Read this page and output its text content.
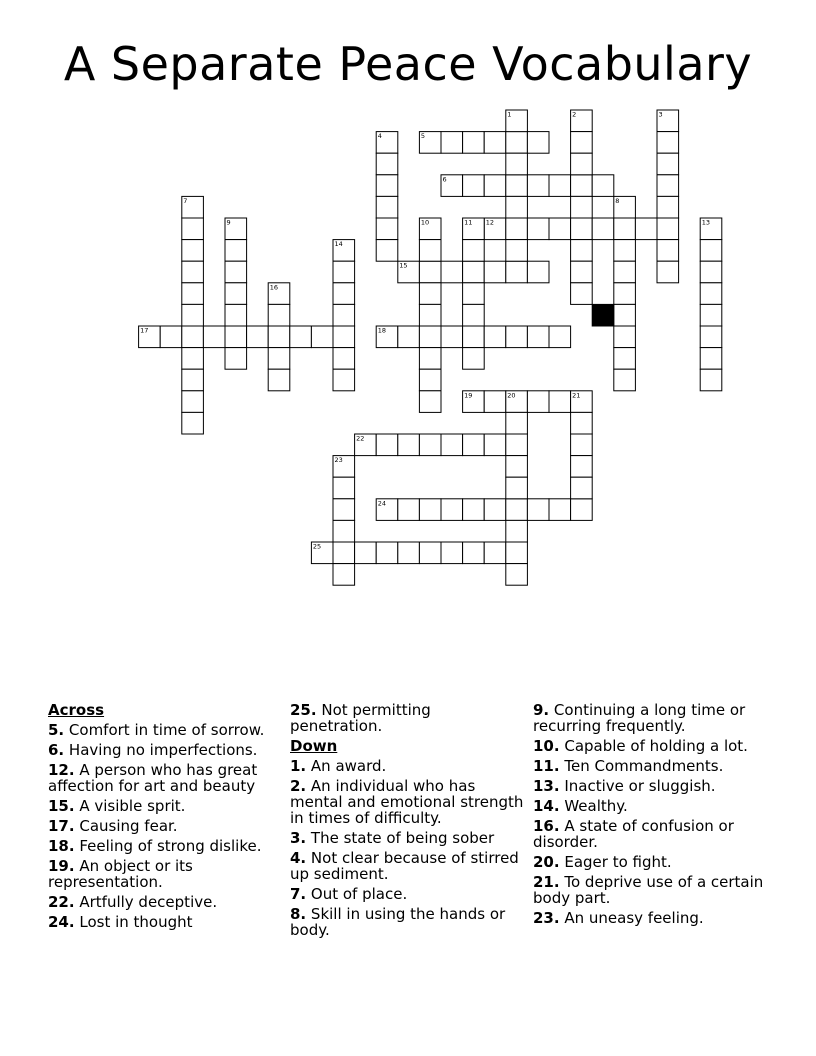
A Separate Peace Vocabulary
5
6
12
15
17	18
19
22
24
25
1	2	3
4
7	8
9	10	11	13
14
16
20	21
23
Across
5. Comfort in time of sorrow.
6. Having no imperfections.
12. A person who has great affection for art and beauty
15. A visible sprit.
17. Causing fear.
18. Feeling of strong dislike.
19. An object or its representation.
22. Artfully deceptive.
24. Lost in thought
25. Not permitting penetration.
Down
1. An award.
2. An individual who has mental and emotional strength in times of difficulty.
3. The state of being sober
4. Not clear because of stirred up sediment.
7. Out of place.
8. Skill in using the hands or body.
9. Continuing a long time or recurring frequently.
10. Capable of holding a lot.
11. Ten Commandments.
13. Inactive or sluggish.
14. Wealthy.
16. A state of confusion or disorder.
20. Eager to fight.
21. To deprive use of a certain body part.
23. An uneasy feeling.
